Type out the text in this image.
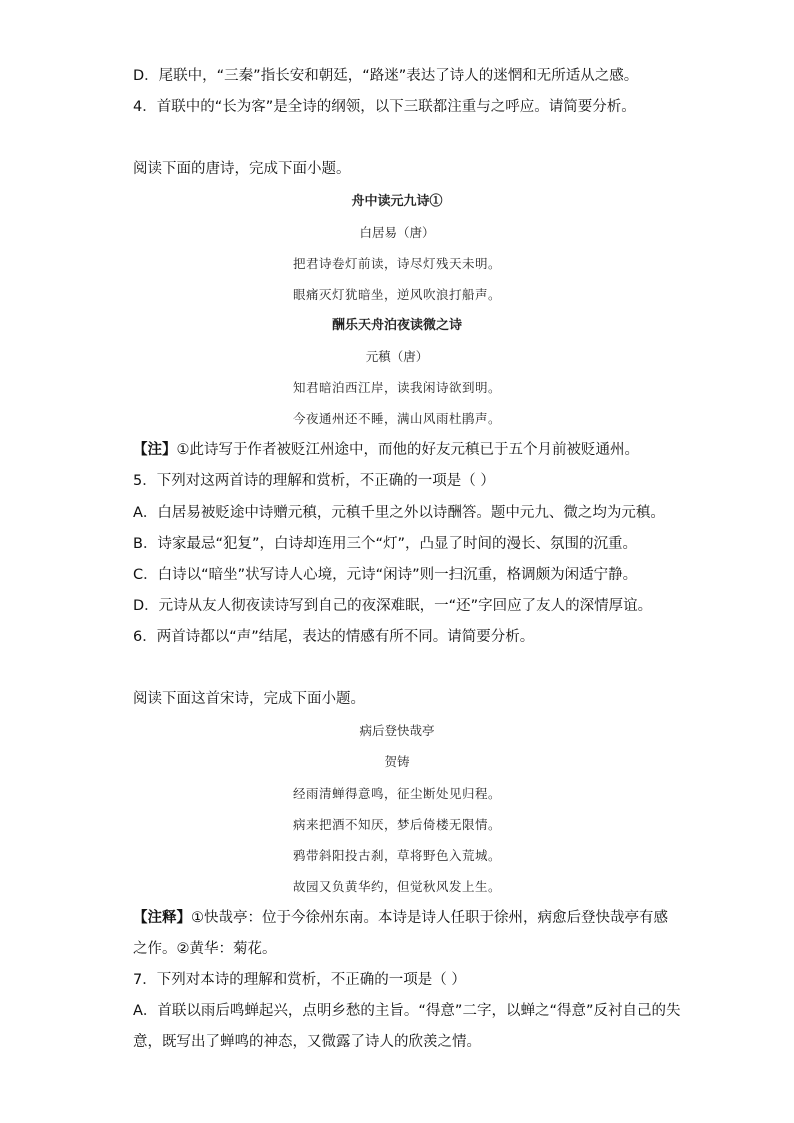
D．尾联中，“三秦”指长安和朝廷，“路迷”表达了诗人的迷惘和无所适从之感。
4．首联中的“长为客”是全诗的纲领，以下三联都注重与之呼应。请简要分析。
阅读下面的唐诗，完成下面小题。
舟中读元九诗①
白居易（唐）
把君诗卷灯前读，诗尽灯残天未明。
眼痛灭灯犹暗坐，逆风吹浪打船声。
酬乐天舟泊夜读微之诗
元稹（唐）
知君暗泊西江岸，读我闲诗欲到明。
今夜通州还不睡，满山风雨杜鹃声。
【注】①此诗写于作者被贬江州途中，而他的好友元稹已于五个月前被贬通州。
5．下列对这两首诗的理解和赏析，不正确的一项是（ ）
A．白居易被贬途中诗赠元稹，元稹千里之外以诗酬答。题中元九、微之均为元稹。
B．诗家最忌“犯复”，白诗却连用三个“灯”，凸显了时间的漫长、氛围的沉重。
C．白诗以“暗坐”状写诗人心境，元诗“闲诗”则一扫沉重，格调颇为闲适宁静。
D．元诗从友人彻夜读诗写到自己的夜深难眠，一“还”字回应了友人的深情厚谊。
6．两首诗都以“声”结尾，表达的情感有所不同。请简要分析。
阅读下面这首宋诗，完成下面小题。
病后登快哉亭
贺铸
经雨清蝉得意鸣，征尘断处见归程。
病来把酒不知厌，梦后倚楼无限情。
鸦带斜阳投古刹，草将野色入荒城。
故园又负黄华约，但觉秋风发上生。
【注释】①快哉亭：位于今徐州东南。本诗是诗人任职于徐州，病愈后登快哉亭有感
之作。②黄华：菊花。
7．下列对本诗的理解和赏析，不正确的一项是（ ）
A．首联以雨后鸣蝉起兴，点明乡愁的主旨。“得意”二字，以蝉之“得意”反衬自己的失
意，既写出了蝉鸣的神态，又微露了诗人的欣羡之情。
